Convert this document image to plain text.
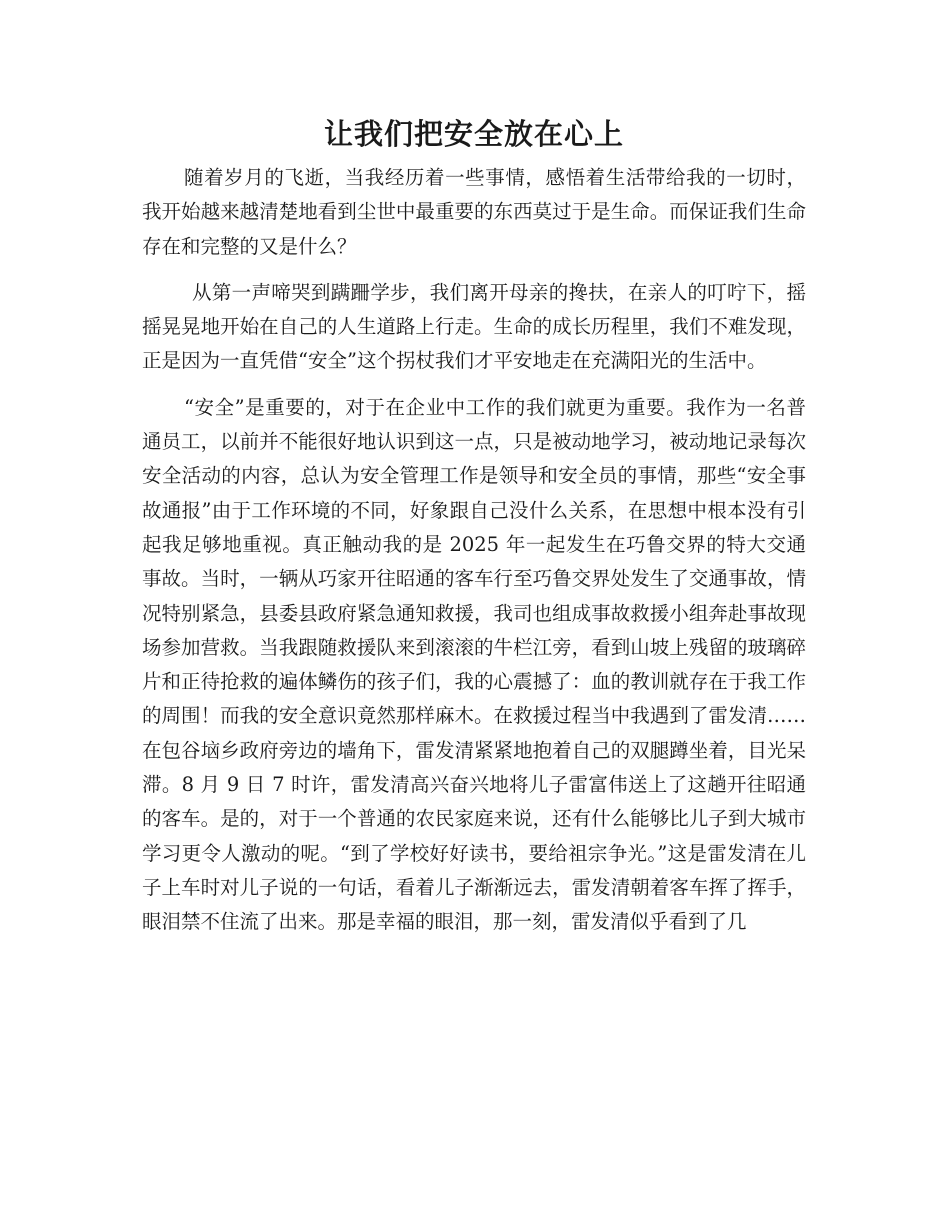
让我们把安全放在心上

随着岁月的飞逝，当我经历着一些事情，感悟着生活带给我的一切时，我开始越来越清楚地看到尘世中最重要的东西莫过于是生命。而保证我们生命存在和完整的又是什么？

从第一声啼哭到蹒跚学步，我们离开母亲的搀扶，在亲人的叮咛下，摇摇晃晃地开始在自己的人生道路上行走。生命的成长历程里，我们不难发现，正是因为一直凭借“安全”这个拐杖我们才平安地走在充满阳光的生活中。

“安全”是重要的，对于在企业中工作的我们就更为重要。我作为一名普通员工，以前并不能很好地认识到这一点，只是被动地学习，被动地记录每次安全活动的内容，总认为安全管理工作是领导和安全员的事情，那些“安全事故通报”由于工作环境的不同，好象跟自己没什么关系，在思想中根本没有引起我足够地重视。真正触动我的是 2025 年一起发生在巧鲁交界的特大交通事故。当时，一辆从巧家开往昭通的客车行至巧鲁交界处发生了交通事故，情况特别紧急，县委县政府紧急通知救援，我司也组成事故救援小组奔赴事故现场参加营救。当我跟随救援队来到滚滚的牛栏江旁，看到山坡上残留的玻璃碎片和正待抢救的遍体鳞伤的孩子们，我的心震撼了：血的教训就存在于我工作的周围！而我的安全意识竟然那样麻木。在救援过程当中我遇到了雷发清……在包谷垴乡政府旁边的墙角下，雷发清紧紧地抱着自己的双腿蹲坐着，目光呆滞。8 月 9 日 7 时许，雷发清高兴奋兴地将儿子雷富伟送上了这趟开往昭通的客车。是的，对于一个普通的农民家庭来说，还有什么能够比儿子到大城市学习更令人激动的呢。“到了学校好好读书，要给祖宗争光。”这是雷发清在儿子上车时对儿子说的一句话，看着儿子渐渐远去，雷发清朝着客车挥了挥手，眼泪禁不住流了出来。那是幸福的眼泪，那一刻，雷发清似乎看到了几
